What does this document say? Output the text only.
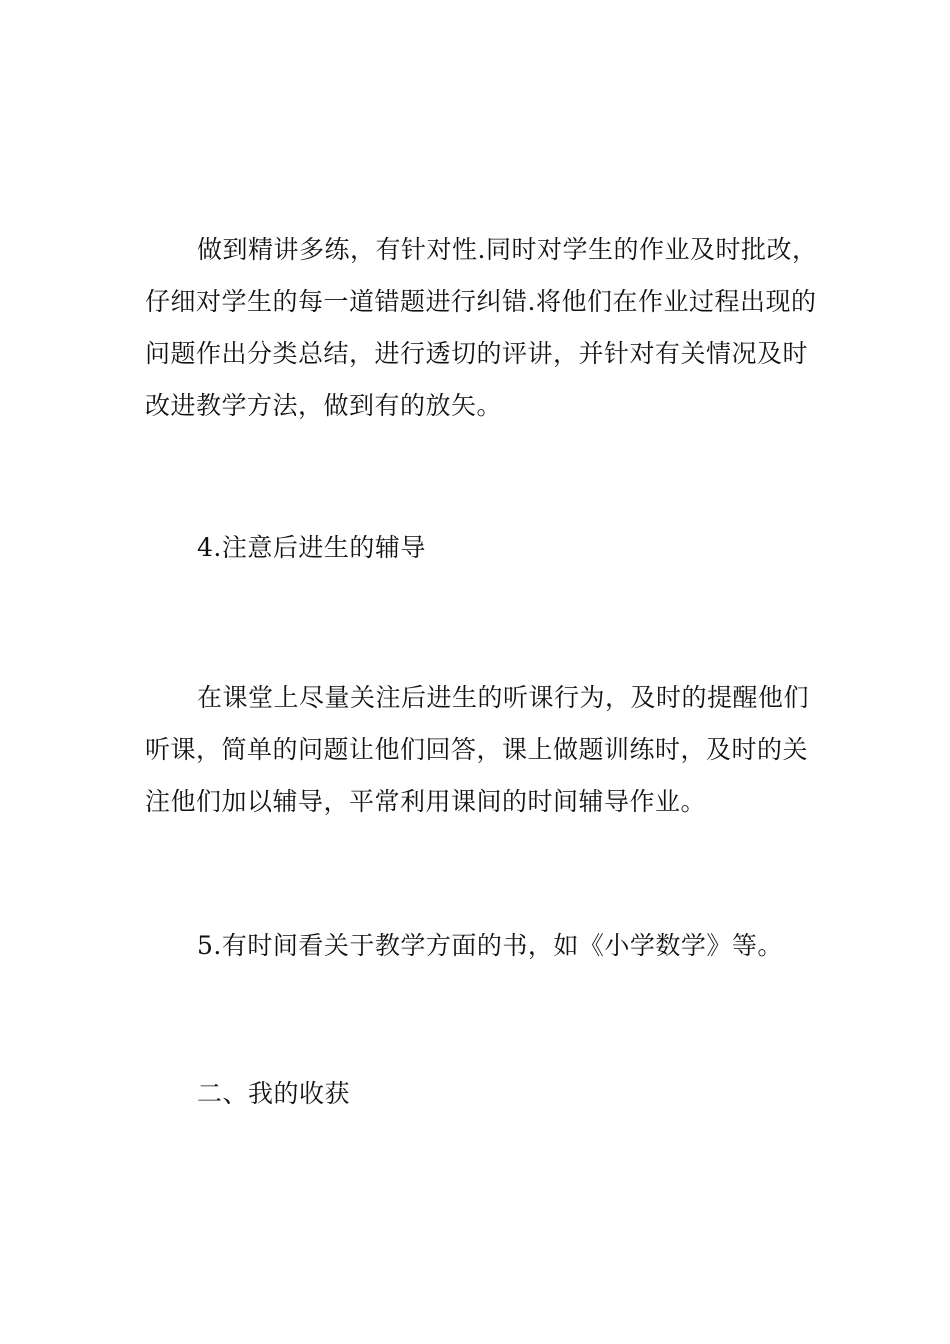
做到精讲多练，有针对性.同时对学生的作业及时批改，仔细对学生的每一道错题进行纠错.将他们在作业过程出现的问题作出分类总结，进行透切的评讲，并针对有关情况及时改进教学方法，做到有的放矢。

4.注意后进生的辅导

在课堂上尽量关注后进生的听课行为，及时的提醒他们听课，简单的问题让他们回答，课上做题训练时，及时的关注他们加以辅导，平常利用课间的时间辅导作业。

5.有时间看关于教学方面的书，如《小学数学》等。

二、我的收获
